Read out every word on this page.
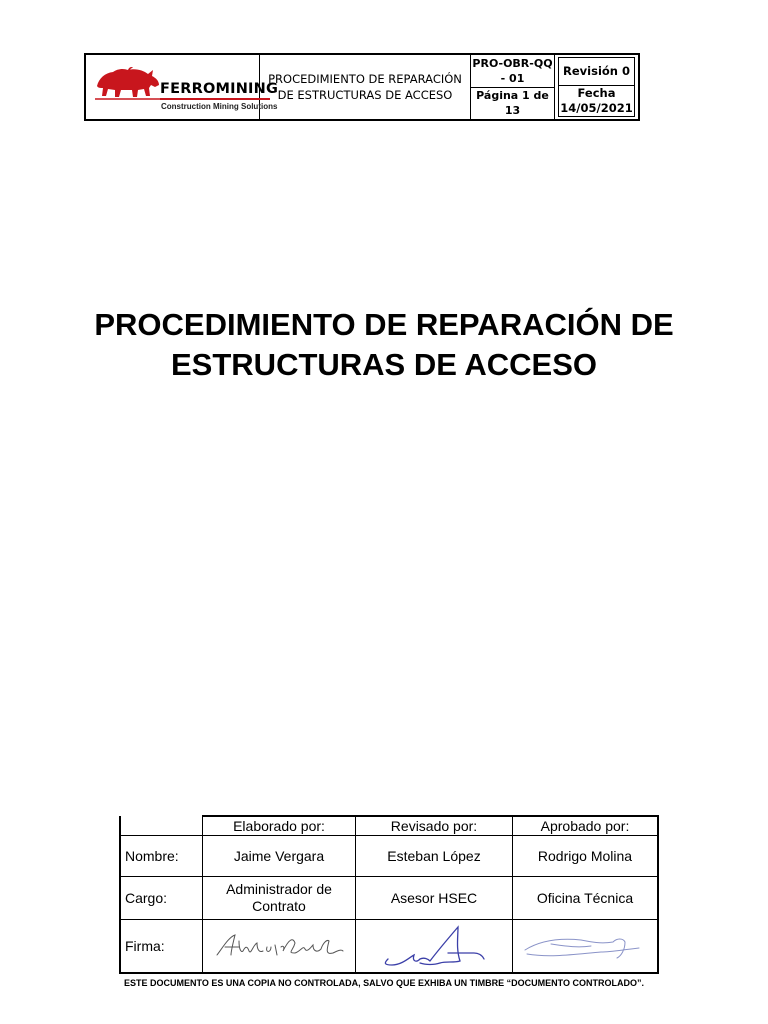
FERROMINING
Construction Mining Solutions
PROCEDIMIENTO DE REPARACIÓN DE ESTRUCTURAS DE ACCESO
PRO-OBR-QQ - 01
Página 1 de 13
Revisión 0
Fecha
14/05/2021
PROCEDIMIENTO DE REPARACIÓN DE ESTRUCTURAS DE ACCESO
	Elaborado por:	Revisado por:	Aprobado por:
Nombre:	Jaime Vergara	Esteban López	Rodrigo Molina
Cargo:	Administrador de Contrato	Asesor HSEC	Oficina Técnica
Firma:	

ESTE DOCUMENTO ES UNA COPIA NO CONTROLADA, SALVO QUE EXHIBA UN TIMBRE “DOCUMENTO CONTROLADO”.
